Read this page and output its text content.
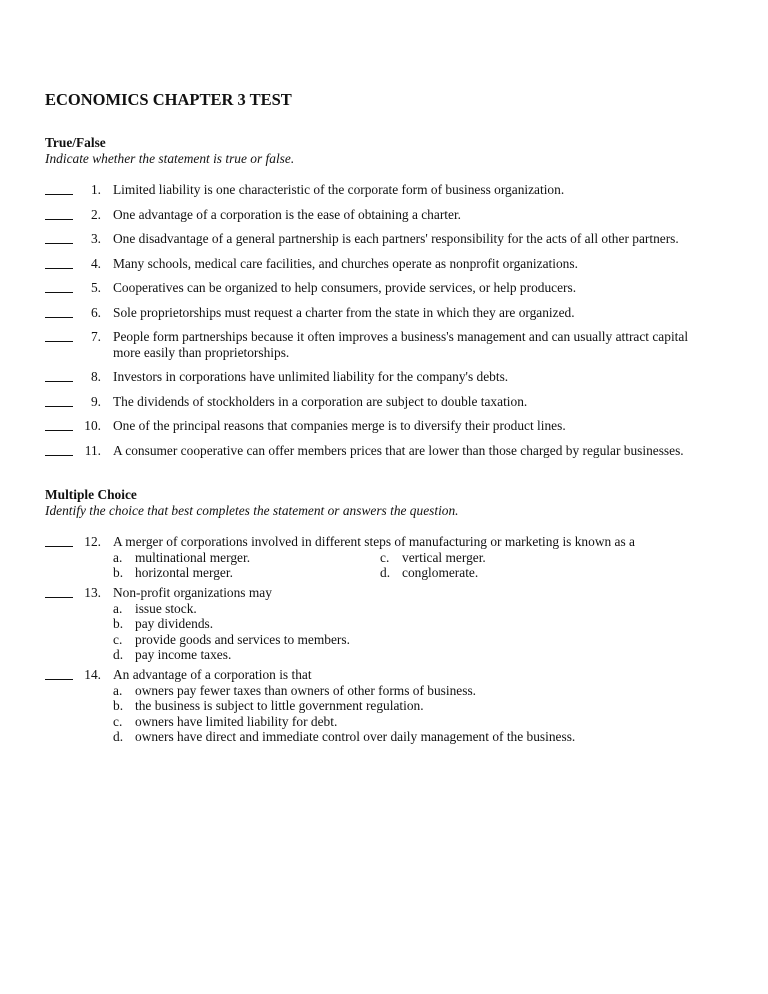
ECONOMICS CHAPTER 3 TEST
True/False
Indicate whether the statement is true or false.
1. Limited liability is one characteristic of the corporate form of business organization.
2. One advantage of a corporation is the ease of obtaining a charter.
3. One disadvantage of a general partnership is each partners' responsibility for the acts of all other partners.
4. Many schools, medical care facilities, and churches operate as nonprofit organizations.
5. Cooperatives can be organized to help consumers, provide services, or help producers.
6. Sole proprietorships must request a charter from the state in which they are organized.
7. People form partnerships because it often improves a business's management and can usually attract capital
more easily than proprietorships.
8. Investors in corporations have unlimited liability for the company's debts.
9. The dividends of stockholders in a corporation are subject to double taxation.
10. One of the principal reasons that companies merge is to diversify their product lines.
11. A consumer cooperative can offer members prices that are lower than those charged by regular businesses.
Multiple Choice
Identify the choice that best completes the statement or answers the question.
12. A merger of corporations involved in different steps of manufacturing or marketing is known as a
a. multinational merger.	c. vertical merger.
b. horizontal merger.	d. conglomerate.
13. Non-profit organizations may
a. issue stock.
b. pay dividends.
c. provide goods and services to members.
d. pay income taxes.
14. An advantage of a corporation is that
a. owners pay fewer taxes than owners of other forms of business.
b. the business is subject to little government regulation.
c. owners have limited liability for debt.
d. owners have direct and immediate control over daily management of the business.
